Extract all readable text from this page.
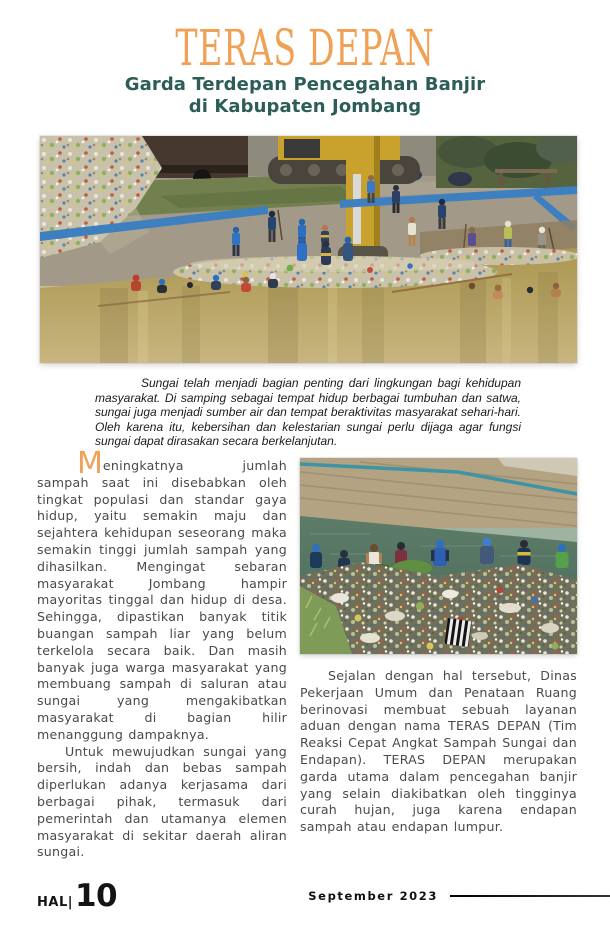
TERAS DEPAN
Garda Terdepan Pencegahan Banjir
di Kabupaten Jombang

Sungai telah menjadi bagian penting dari lingkungan bagi kehidupan masyarakat. Di samping sebagai tempat hidup berbagai tumbuhan dan satwa, sungai juga menjadi sumber air dan tempat beraktivitas masyarakat sehari-hari. Oleh karena itu, kebersihan dan kelestarian sungai perlu dijaga agar fungsi sungai dapat dirasakan secara berkelanjutan.

Meningkatnya jumlah sampah saat ini disebabkan oleh tingkat populasi dan standar gaya hidup, yaitu semakin maju dan sejahtera kehidupan seseorang maka semakin tinggi jumlah sampah yang dihasilkan. Mengingat sebaran masyarakat Jombang hampir mayoritas tinggal dan hidup di desa. Sehingga, dipastikan banyak titik buangan sampah liar yang belum terkelola secara baik. Dan masih banyak juga warga masyarakat yang membuang sampah di saluran atau sungai yang mengakibatkan masyarakat di bagian hilir menanggung dampaknya.

Untuk mewujudkan sungai yang bersih, indah dan bebas sampah diperlukan adanya kerjasama dari berbagai pihak, termasuk dari pemerintah dan utamanya elemen masyarakat di sekitar daerah aliran sungai.

Sejalan dengan hal tersebut, Dinas Pekerjaan Umum dan Penataan Ruang berinovasi membuat sebuah layanan aduan dengan nama TERAS DEPAN (Tim Reaksi Cepat Angkat Sampah Sungai dan Endapan). TERAS DEPAN merupakan garda utama dalam pencegahan banjir yang selain diakibatkan oleh tingginya curah hujan, juga karena endapan sampah atau endapan lumpur.

HAL| 10	September 2023
